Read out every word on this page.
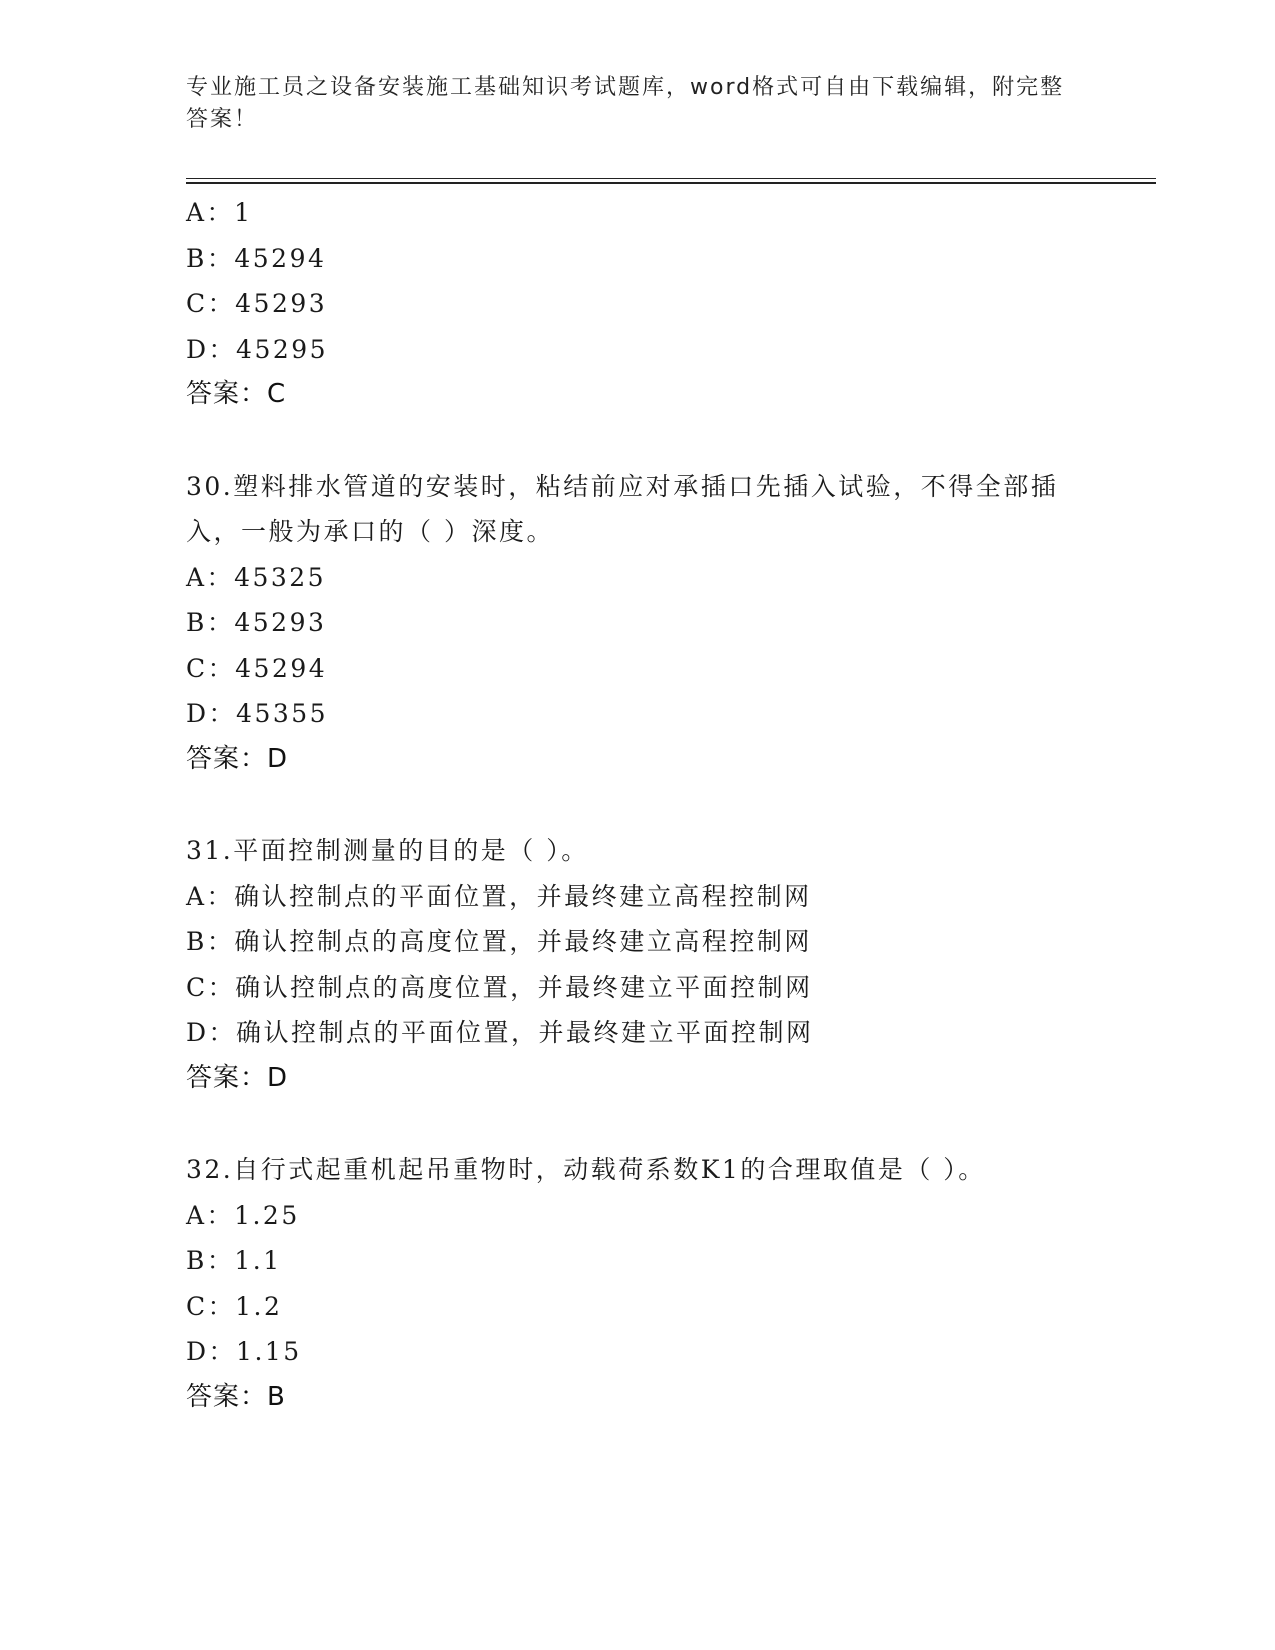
专业施工员之设备安装施工基础知识考试题库，word格式可自由下载编辑，附完整答案！
A：1
B：45294
C：45293
D：45295
答案：C
30.塑料排水管道的安装时，粘结前应对承插口先插入试验，不得全部插入，一般为承口的（ ）深度。
A：45325
B：45293
C：45294
D：45355
答案：D
31.平面控制测量的目的是（ ）。
A：确认控制点的平面位置，并最终建立高程控制网
B：确认控制点的高度位置，并最终建立高程控制网
C：确认控制点的高度位置，并最终建立平面控制网
D：确认控制点的平面位置，并最终建立平面控制网
答案：D
32.自行式起重机起吊重物时，动载荷系数K1的合理取值是（ ）。
A：1.25
B：1.1
C：1.2
D：1.15
答案：B
